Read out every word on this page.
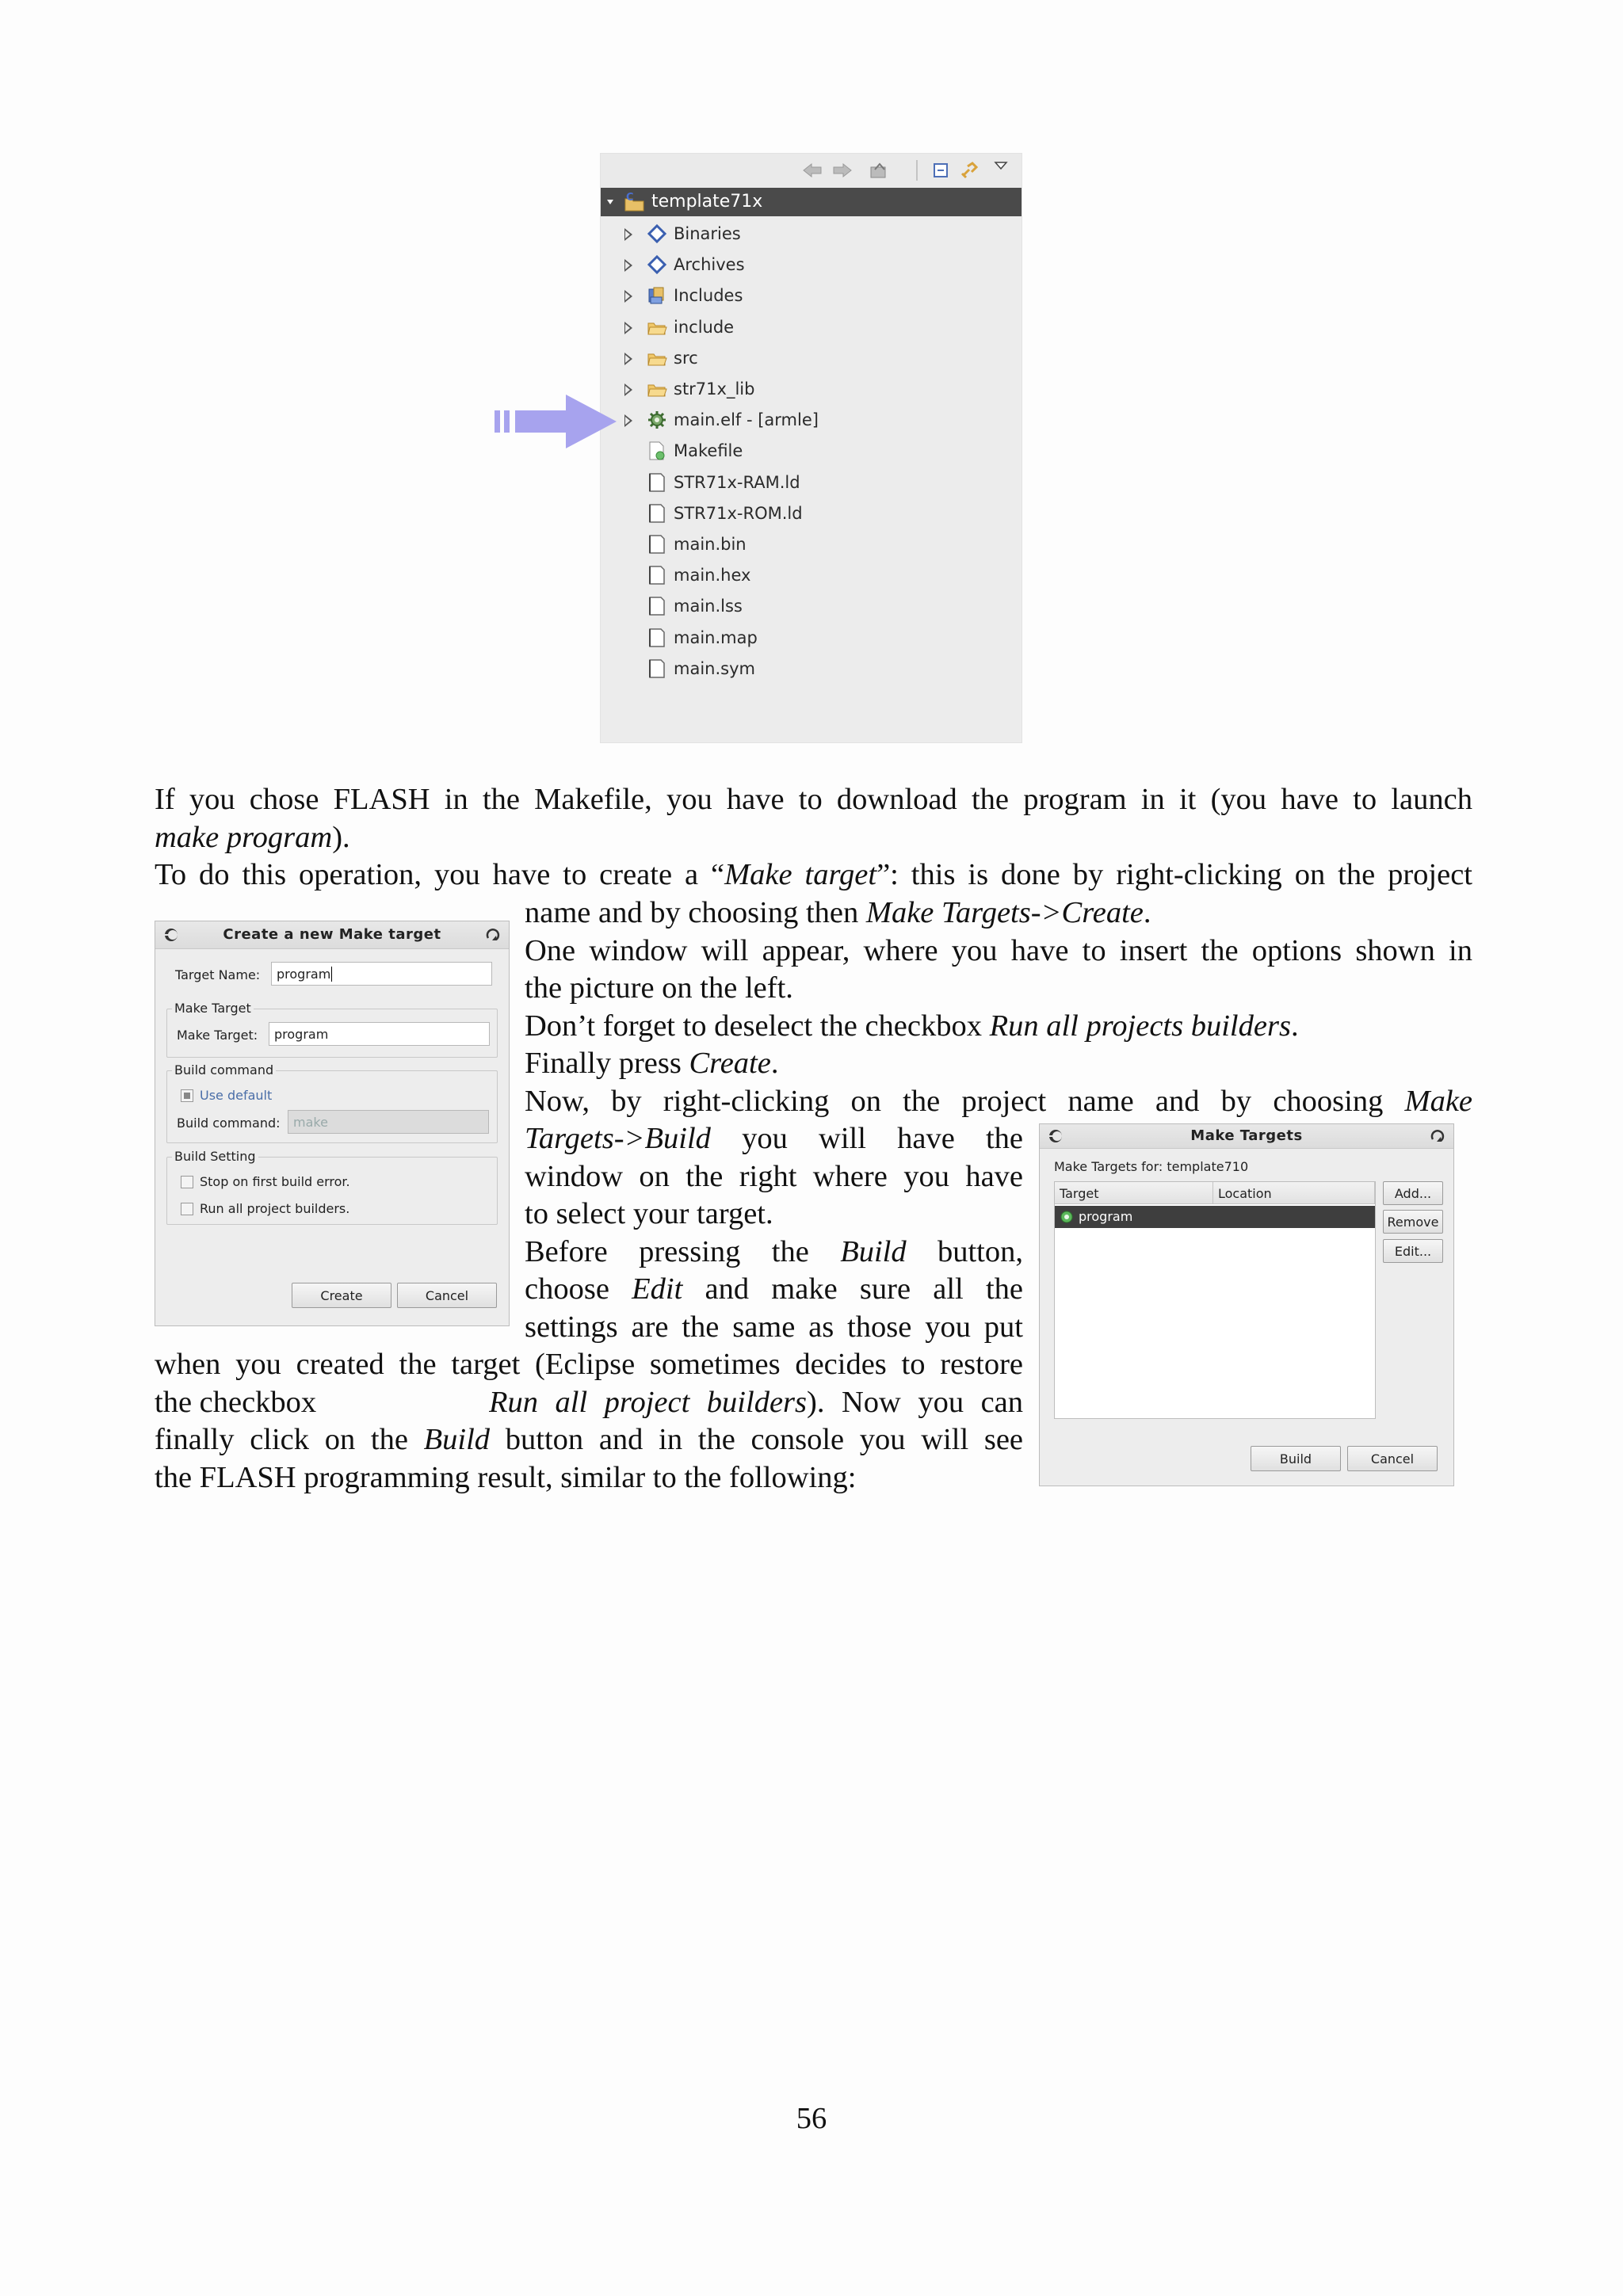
C template71x
Binaries
Archives
Includes
include
src
str71x_lib
main.elf - [armle]
Makefile
STR71x-RAM.ld
STR71x-ROM.ld
main.bin
main.hex
main.lss
main.map
main.sym
Create a new Make target
Target Name:	program
Make Target
Make Target:	program
Build command
Use default
Build command:	make
Build Setting
Stop on first build error.
Run all project builders.
Create	Cancel
Make Targets
Make Targets for: template710
Target	Location
program
Add...
Remove
Edit...
Build	Cancel
If you chose FLASH in the Makefile, you have to download the program in it (you have to launch
make program).
To do this operation, you have to create a “Make target”: this is done by right-clicking on the project
name and by choosing then Make Targets->Create.
One window will appear, where you have to insert the options shown in
the picture on the left.
Don’t forget to deselect the checkbox Run all projects builders.
Finally press Create.
Now, by right-clicking on the project name and by choosing Make
Targets->Build you will have the
window on the right where you have
to select your target.
Before pressing the Build button,
choose Edit and make sure all the
settings are the same as those you put
when you created the target (Eclipse sometimes decides to restore
the checkbox	Run all project builders). Now you can
finally click on the Build button and in the console you will see
the FLASH programming result, similar to the following:
56
